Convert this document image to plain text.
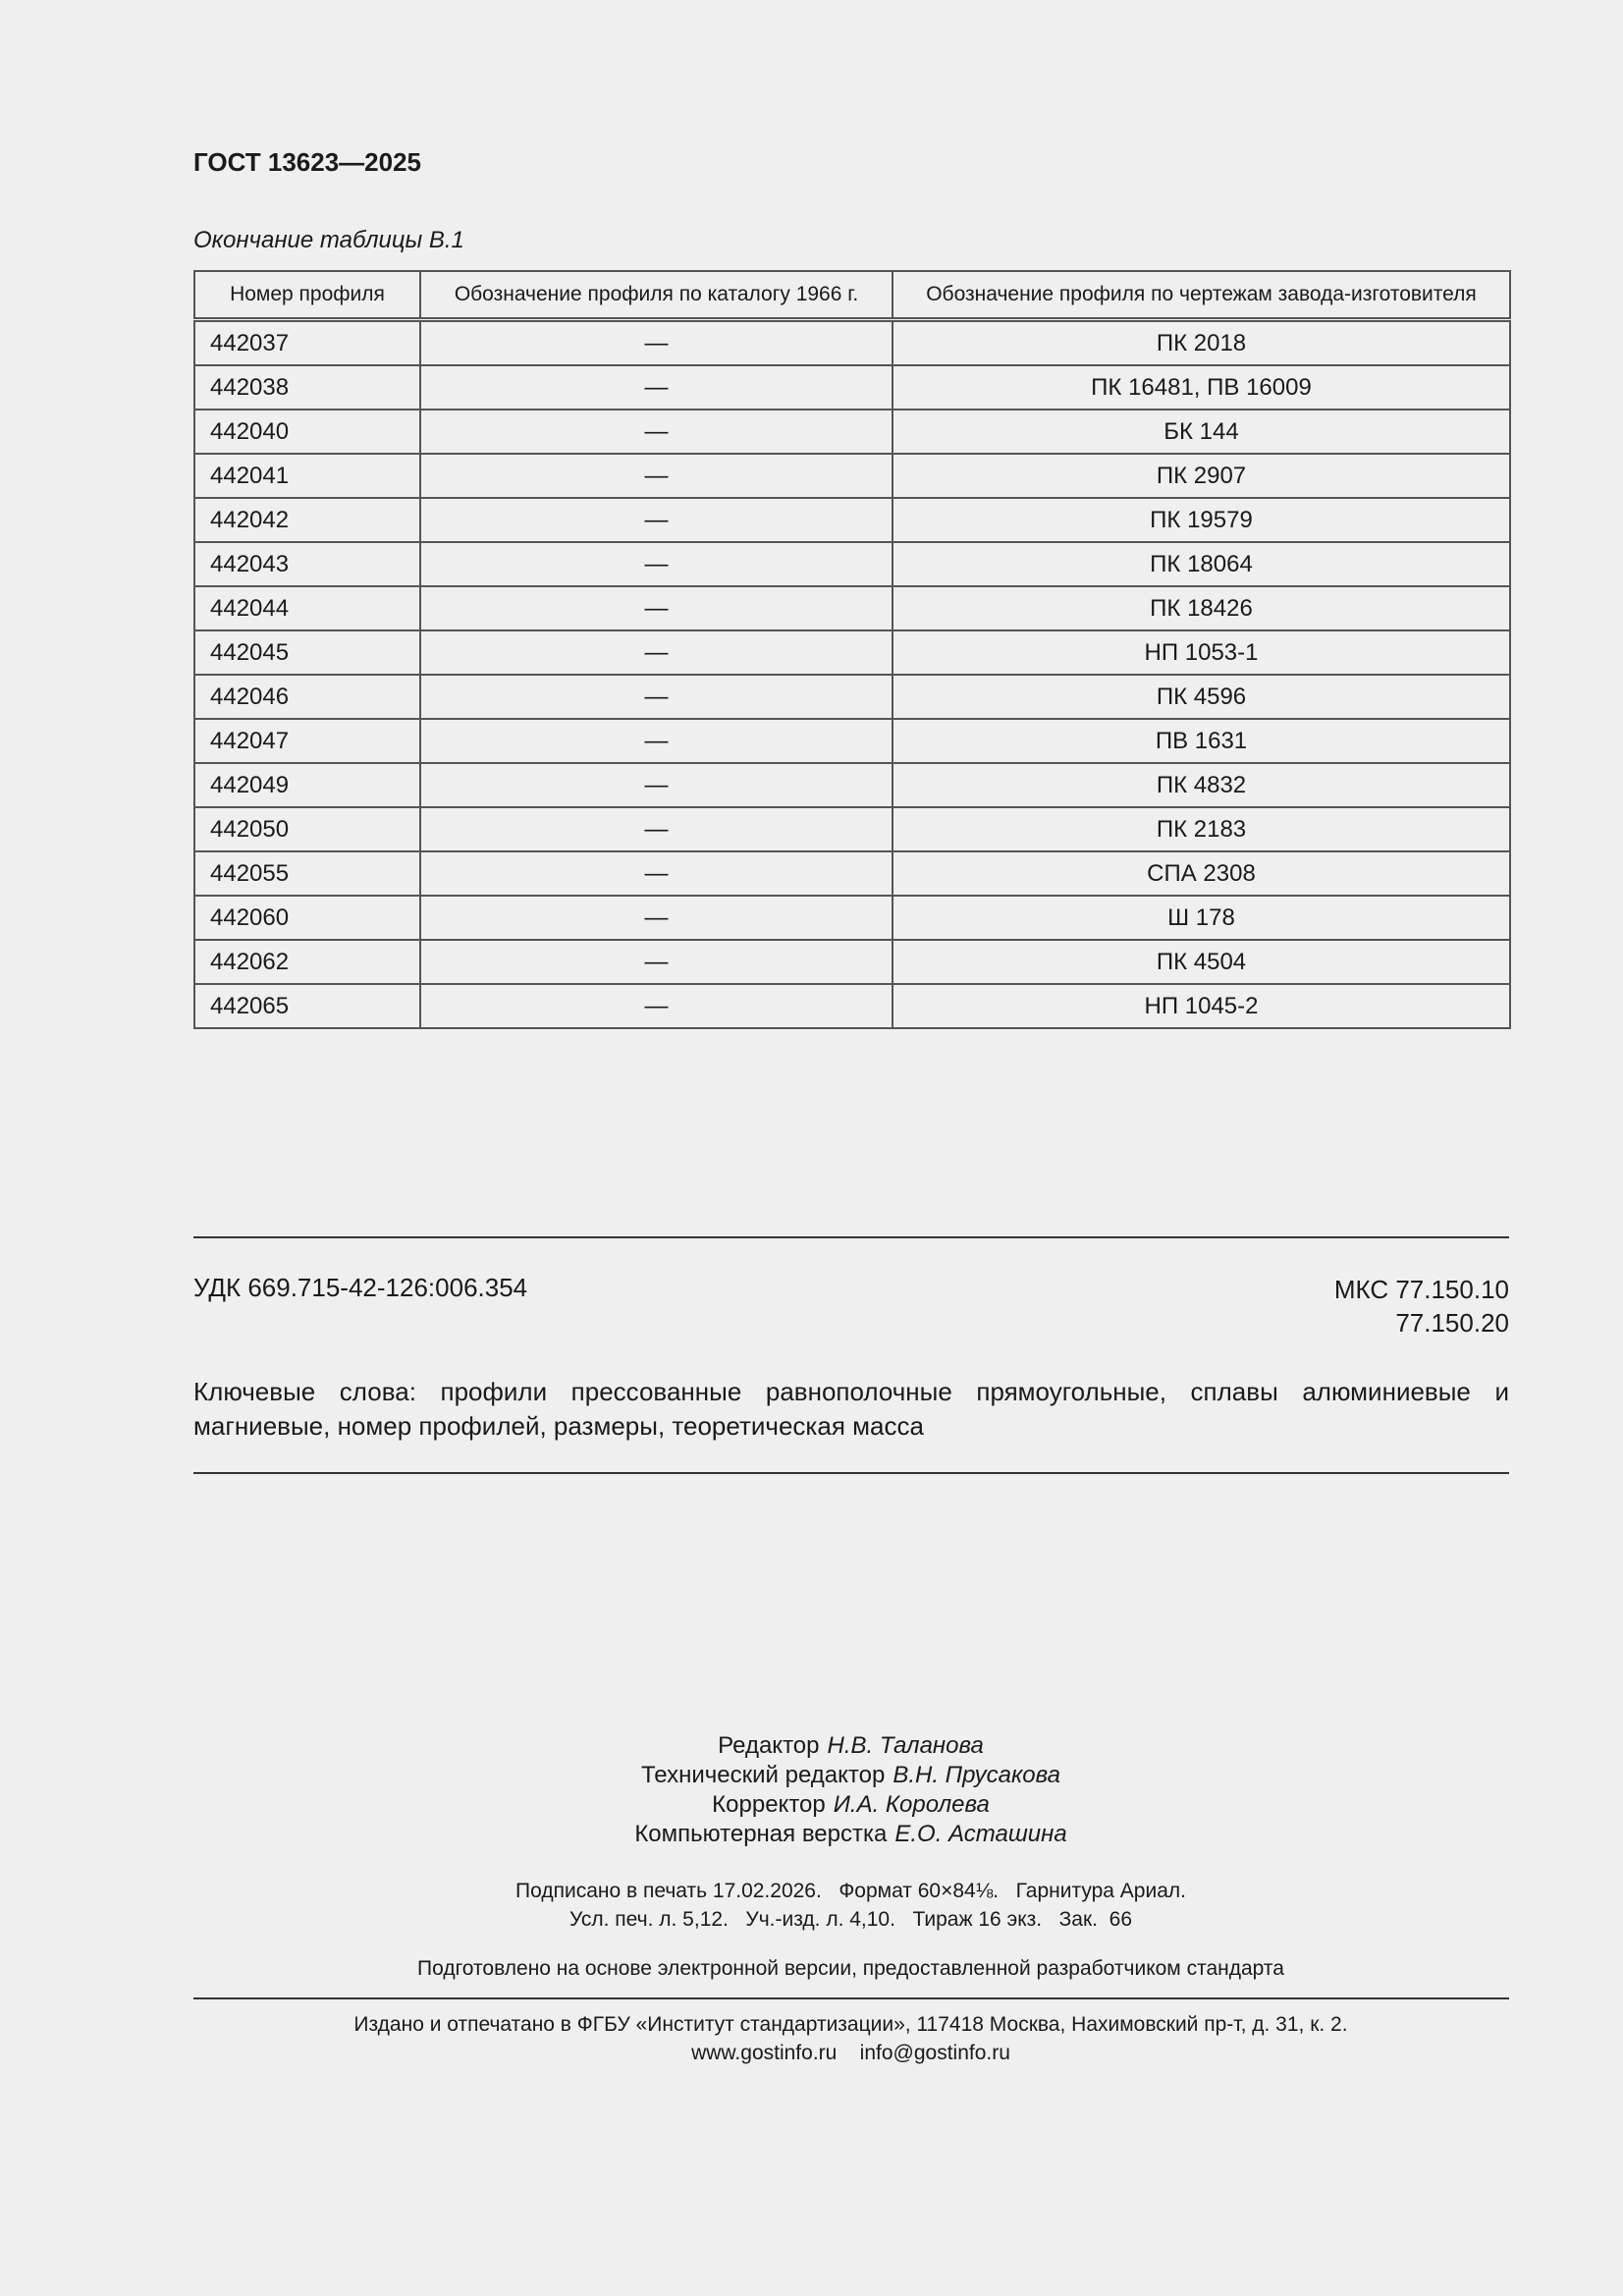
ГОСТ 13623—2025
Окончание таблицы В.1
Номер профиля	Обозначение профиля по каталогу 1966 г.	Обозначение профиля по чертежам завода-изготовителя
442037	—	ПК 2018
442038	—	ПК 16481, ПВ 16009
442040	—	БК 144
442041	—	ПК 2907
442042	—	ПК 19579
442043	—	ПК 18064
442044	—	ПК 18426
442045	—	НП 1053-1
442046	—	ПК 4596
442047	—	ПВ 1631
442049	—	ПК 4832
442050	—	ПК 2183
442055	—	СПА 2308
442060	—	Ш 178
442062	—	ПК 4504
442065	—	НП 1045-2
УДК 669.715-42-126:006.354	МКС 77.150.10
77.150.20
Ключевые слова: профили прессованные равнополочные прямоугольные, сплавы алюминиевые и магниевые, номер профилей, размеры, теоретическая масса
Редактор Н.В. Таланова
Технический редактор В.Н. Прусакова
Корректор И.А. Королева
Компьютерная верстка Е.О. Асташина
Подписано в печать 17.02.2026.   Формат 60×84⅛.   Гарнитура Ариал.
Усл. печ. л. 5,12.   Уч.-изд. л. 4,10.   Тираж 16 экз.   Зак.  66
Подготовлено на основе электронной версии, предоставленной разработчиком стандарта
Издано и отпечатано в ФГБУ «Институт стандартизации», 117418 Москва, Нахимовский пр-т, д. 31, к. 2.
www.gostinfo.ru    info@gostinfo.ru
